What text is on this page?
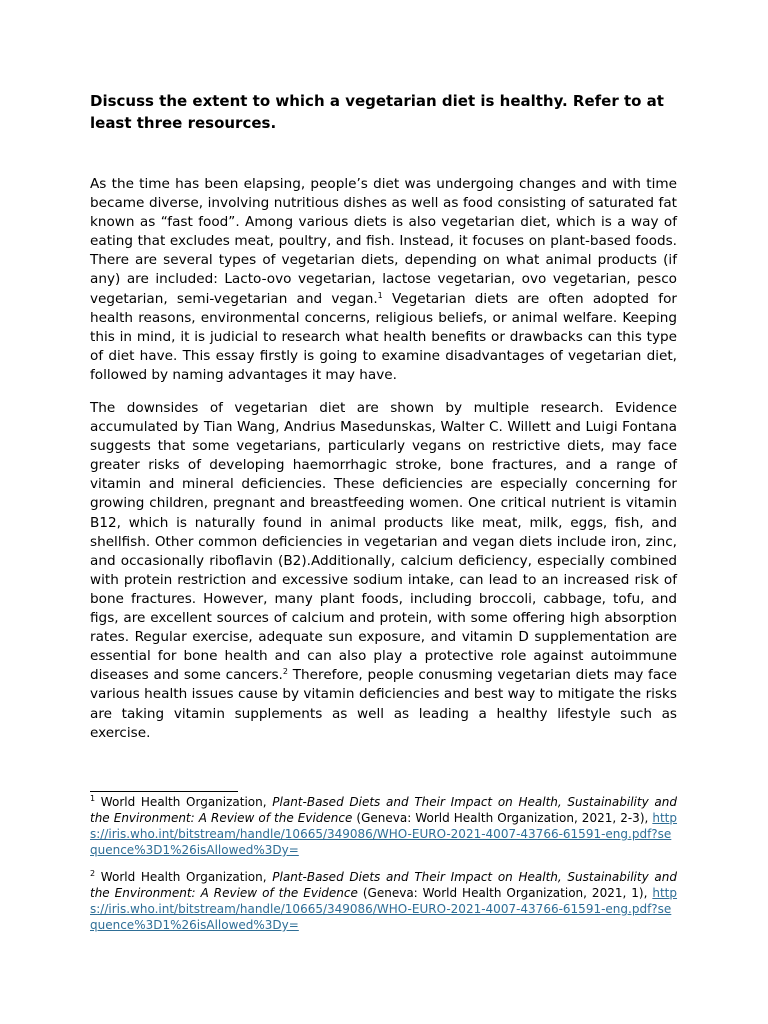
Discuss the extent to which a vegetarian diet is healthy. Refer to at least three resources.

As the time has been elapsing, people’s diet was undergoing changes and with time became diverse, involving nutritious dishes as well as food consisting of saturated fat known as “fast food”. Among various diets is also vegetarian diet, which is a way of eating that excludes meat, poultry, and fish. Instead, it focuses on plant-based foods. There are several types of vegetarian diets, depending on what animal products (if any) are included: Lacto-ovo vegetarian, lactose vegetarian, ovo vegetarian, pesco vegetarian, semi-vegetarian and vegan.$^1$ Vegetarian diets are often adopted for health reasons, environmental concerns, religious beliefs, or animal welfare. Keeping this in mind, it is judicial to research what health benefits or drawbacks can this type of diet have. This essay firstly is going to examine disadvantages of vegetarian diet, followed by naming advantages it may have.

The downsides of vegetarian diet are shown by multiple research. Evidence accumulated by Tian Wang, Andrius Masedunskas, Walter C. Willett and Luigi Fontana suggests that some vegetarians, particularly vegans on restrictive diets, may face greater risks of developing haemorrhagic stroke, bone fractures, and a range of vitamin and mineral deficiencies. These deficiencies are especially concerning for growing children, pregnant and breastfeeding women. One critical nutrient is vitamin B12, which is naturally found in animal products like meat, milk, eggs, fish, and shellfish. Other common deficiencies in vegetarian and vegan diets include iron, zinc, and occasionally riboflavin (B2).Additionally, calcium deficiency, especially combined with protein restriction and excessive sodium intake, can lead to an increased risk of bone fractures. However, many plant foods, including broccoli, cabbage, tofu, and figs, are excellent sources of calcium and protein, with some offering high absorption rates. Regular exercise, adequate sun exposure, and vitamin D supplementation are essential for bone health and can also play a protective role against autoimmune diseases and some cancers.$^2$ Therefore, people conusming vegetarian diets may face various health issues cause by vitamin deficiencies and best way to mitigate the risks are taking vitamin supplements as well as leading a healthy lifestyle such as exercise.

$^1$ World Health Organization, Plant-Based Diets and Their Impact on Health, Sustainability and the Environment: A Review of the Evidence (Geneva: World Health Organization, 2021, 2-3), https://iris.who.int/bitstream/handle/10665/349086/WHO-EURO-2021-4007-43766-61591-eng.pdf?sequence%3D1%26isAllowed%3Dy=

$^2$ World Health Organization, Plant-Based Diets and Their Impact on Health, Sustainability and the Environment: A Review of the Evidence (Geneva: World Health Organization, 2021, 1), https://iris.who.int/bitstream/handle/10665/349086/WHO-EURO-2021-4007-43766-61591-eng.pdf?sequence%3D1%26isAllowed%3Dy=
